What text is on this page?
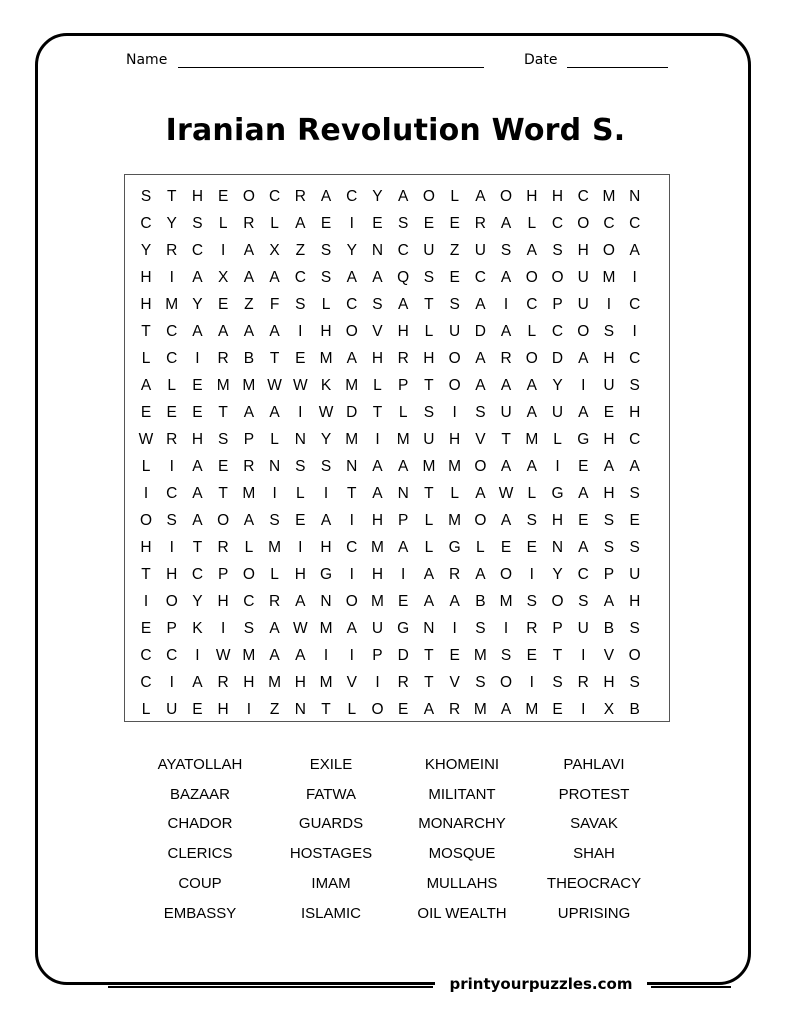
Name	Date
Iranian Revolution Word S.
S	T H E O C R A C Y A O L	A O H H C M N
C Y S	L	R	L	A E	I	E S E E R A	L	C O C C
Y R C	I	A X	Z	S Y N C U Z U S A S H O A
H	I	A X A A C S A A Q S E C A O O U M	I
H M Y E	Z	F	S	L	C S A	T	S A	I	C P U	I	C
T C A A A A	I	H O V H	L	U D A	L	C O S	I
L	C	I	R B	T	E M A H R H O A R O D A H C
A	L	E M M W W K M L	P	T O A A A Y	I	U S
E E E	T	A A	I	W D T	L	S	I	S U A U A E H
W R H S P	L	N Y M	I	M U H V	T M L G H C
L	I	A E R N S S N A A M M O A A	I	E A A
I	C A	T M	I	L	I	T	A N T	L	A W L G A H S
O S A O A S E A	I	H P	L M O A S H E S E
H	I	T R	L M	I	H C M A	L G L	E E N A S S
T H C P O L	H G	I	H	I	A R A O	I	Y C P U
I	O Y H C R A N O M E A A B M S O S A H
E P K	I	S A W M A U G N	I	S	I	R P U B S
C C	I	W M A A	I	I	P D T	E M S E	T	I	V O
C	I	A R H M H M V	I	R T	V S O	I	S R H S
L	U E H	I	Z N T	L O E A R M A M E	I	X B
AYATOLLAH	EXILE	KHOMEINI	PAHLAVI
BAZAAR	FATWA	MILITANT	PROTEST
CHADOR	GUARDS	MONARCHY	SAVAK
CLERICS	HOSTAGES	MOSQUE	SHAH
COUP	IMAM	MULLAHS	THEOCRACY
EMBASSY	ISLAMIC	OIL WEALTH	UPRISING
printyourpuzzles.com
